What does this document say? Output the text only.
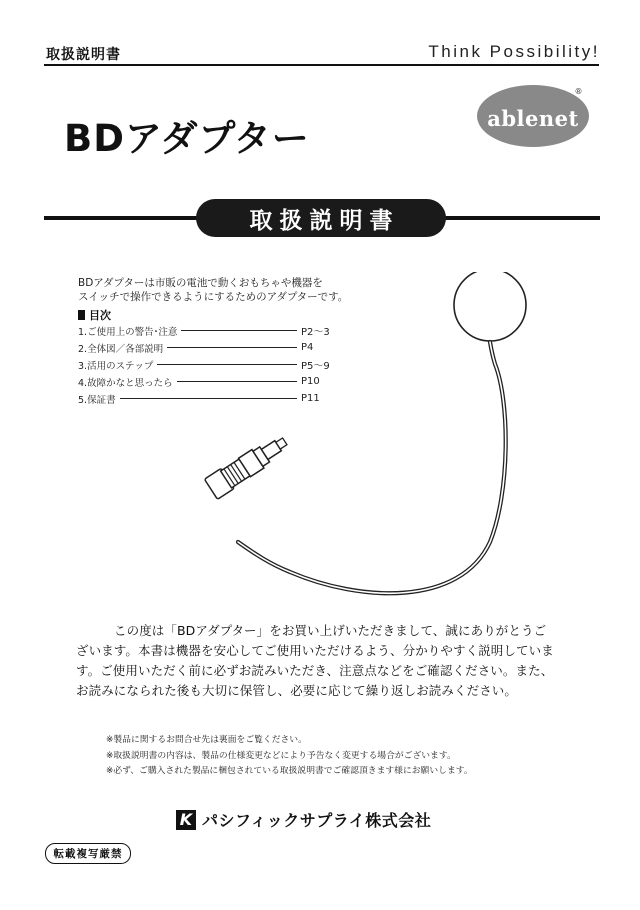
取扱説明書	Think Possibility!
BDアダプター	ablenet
®
取扱説明書
BDアダプターは市販の電池で動くおもちゃや機器を
スイッチで操作できるようにするためのアダプターです。
目次
1.ご使用上の警告･注意	P2～3
2.全体図／各部説明	P4
3.活用のステップ	P5～9
4.故障かなと思ったら	P10
5.保証書	P11
この度は「BDアダプター」をお買い上げいただきまして、誠にありがとうございます。本書は機器を安心してご使用いただけるよう、分かりやすく説明しています。ご使用いただく前に必ずお読みいただき、注意点などをご確認ください。また、お読みになられた後も大切に保管し、必要に応じて繰り返しお読みください。
※製品に関するお問合せ先は裏面をご覧ください。
※取扱説明書の内容は、製品の仕様変更などにより予告なく変更する場合がございます。
※必ず、ご購入された製品に梱包されている取扱説明書でご確認頂きます様にお願いします。
K パシフィックサプライ株式会社
転載複写厳禁
